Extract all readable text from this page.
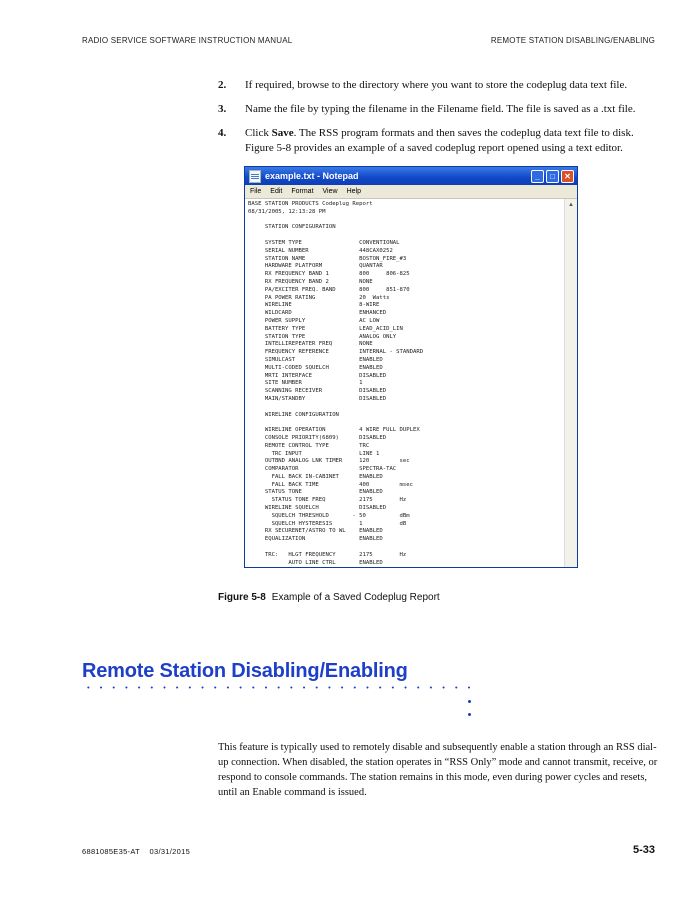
RADIO SERVICE SOFTWARE INSTRUCTION MANUAL	REMOTE STATION DISABLING/ENABLING
2.	If required, browse to the directory where you want to store the codeplug data text file.
3.	Name the file by typing the filename in the Filename field. The file is saved as a .txt file.
4.	Click Save. The RSS program formats and then saves the codeplug data text file to disk. Figure 5-8 provides an example of a saved codeplug report opened using a text editor.
example.txt - Notepad	_	□	✕
File Edit Format View Help
BASE STATION PRODUCTS Codeplug Report
08/31/2005, 12:13:28 PM

STATION CONFIGURATION

SYSTEM TYPE                 CONVENTIONAL
SERIAL NUMBER               448CAX0252
STATION NAME                BOSTON_FIRE_#3
HARDWARE PLATFORM           QUANTAR
RX FREQUENCY BAND 1         800     806-825
RX FREQUENCY BAND 2         NONE
PA/EXCITER FREQ. BAND       800     851-870
PA POWER RATING             20  Watts
WIRELINE                    8-WIRE
WILDCARD                    ENHANCED
POWER SUPPLY                AC LOW
BATTERY TYPE                LEAD_ACID_LIN
STATION TYPE                ANALOG ONLY
INTELLIREPEATER FREQ        NONE
FREQUENCY REFERENCE         INTERNAL - STANDARD
SIMULCAST                   ENABLED
MULTI-CODED SQUELCH         ENABLED
MRTI INTERFACE              DISABLED
SITE NUMBER                 1
SCANNING RECEIVER           DISABLED
MAIN/STANDBY                DISABLED

WIRELINE CONFIGURATION

WIRELINE OPERATION          4 WIRE FULL DUPLEX
CONSOLE PRIORITY(6809)      DISABLED
REMOTE CONTROL TYPE         TRC
TRC INPUT                 LINE 1
OUTBND ANALOG LNK TIMER     120         sec
COMPARATOR                  SPECTRA-TAC
FALL BACK IN-CABINET      ENABLED
FALL BACK TIME            400         msec
STATUS TONE                 ENABLED
STATUS TONE FREQ          2175        Hz
WIRELINE SQUELCH            DISABLED
SQUELCH THRESHOLD       - 50          dBm
SQUELCH HYSTERESIS        1           dB
RX SECURENET/ASTRO TO WL    ENABLED
EQUALIZATION                ENABLED

TRC:   HLGT FREQUENCY       2175        Hz
AUTO LINE CTRL       ENABLED
▲
Figure 5-8 Example of a Saved Codeplug Report
Remote Station Disabling/Enabling
This feature is typically used to remotely disable and subsequently enable a station through an RSS dial-up connection. When disabled, the station operates in “RSS Only” mode and cannot transmit, receive, or respond to console commands. The station remains in this mode, even during power cycles and resets, until an Enable command is issued.
6881085E35-AT 03/31/2015	5-33
